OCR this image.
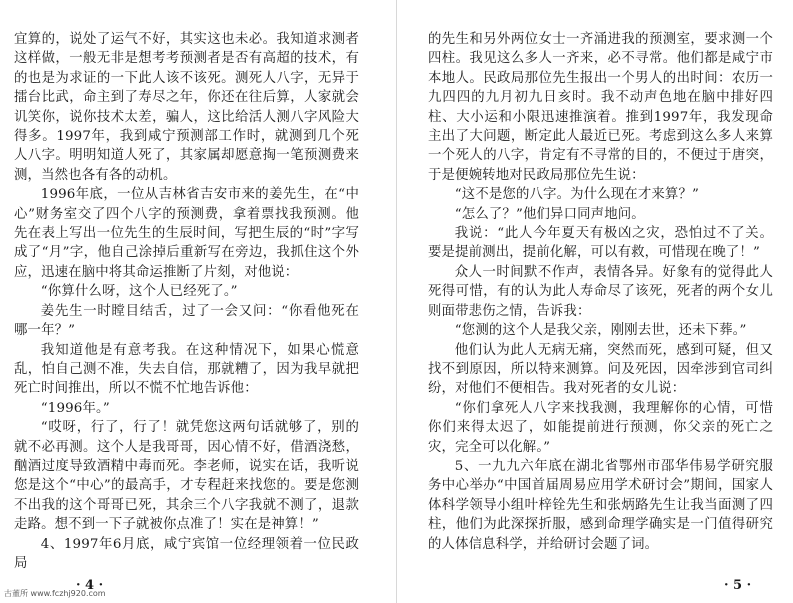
宜算的，说处了运气不好，其实这也未必。我知道求测者这样做，一般无非是想考考预测者是否有高超的技术，有的也是为求证的一下此人该不该死。测死人八字，无异于擂台比武，命主到了寿尽之年，你还在往后算，人家就会讥笑你，说你技术太差，骗人，这比给活人测八字风险大得多。1997年，我到咸宁预测部工作时，就测到几个死人八字。明明知道人死了，其家属却愿意掏一笔预测费来测，当然也各有各的动机。

1996年底，一位从吉林省吉安市来的姜先生，在“中心”财务室交了四个八字的预测费，拿着票找我预测。他先在表上写出一位先生的生辰时间，写把生辰的“时”字写成了“月”字，他自己涂掉后重新写在旁边，我抓住这个外应，迅速在脑中将其命运推断了片刻，对他说：

“你算什么呀，这个人已经死了。”

姜先生一时瞠目结舌，过了一会又问：“你看他死在哪一年？”

我知道他是有意考我。在这种情况下，如果心慌意乱，怕自己测不准，失去自信，那就糟了，因为我早就把死亡时间推出，所以不慌不忙地告诉他：

“1996年。”

“哎呀，行了，行了！就凭您这两句话就够了，别的就不必再测。这个人是我哥哥，因心情不好，借酒浇愁，酗酒过度导致酒精中毒而死。李老师，说实在话，我听说您是这个“中心”的最高手，才专程赶来找您的。要是您测不出我的这个哥哥已死，其余三个八字我就不测了，退款走路。想不到一下子就被你点准了！实在是神算！”

4、1997年6月底，咸宁宾馆一位经理领着一位民政局

的先生和另外两位女士一齐涌进我的预测室，要求测一个四柱。我见这么多人一齐来，必不寻常。他们都是咸宁市本地人。民政局那位先生报出一个男人的出时间：农历一九四四的九月初九日亥时。我不动声色地在脑中排好四柱、大小运和小限迅速推演着。推到1997年，我发现命主出了大问题，断定此人最近已死。考虑到这么多人来算一个死人的八字，肯定有不寻常的目的，不便过于唐突，于是便婉转地对民政局那位先生说：

“这不是您的八字。为什么现在才来算？”

“怎么了？”他们异口同声地问。

我说：“此人今年夏天有极凶之灾，恐怕过不了关。要是提前测出，提前化解，可以有救，可惜现在晚了！”

众人一时间默不作声，表情各异。好象有的觉得此人死得可惜，有的认为此人寿命尽了该死，死者的两个女儿则面带悲伤之情，告诉我：

“您测的这个人是我父亲，刚刚去世，还未下葬。”

他们认为此人无病无痛，突然而死，感到可疑，但又找不到原因，所以特来测算。问及死因，因牵涉到官司纠纷，对他们不便相告。我对死者的女儿说：

“你们拿死人八字来找我测，我理解你的心情，可惜你们来得太迟了，如能提前进行预测，你父亲的死亡之灾，完全可以化解。”

5、一九九六年底在湖北省鄂州市邵华伟易学研究服务中心举办“中国首届周易应用学术研讨会”期间，国家人体科学领导小组叶梓铨先生和张炳路先生让我当面测了四柱，他们为此深探折服，感到命理学确实是一门值得研究的人体信息科学，并给研讨会题了词。

· 4 ·	· 5 ·
古董所 www.fczhj920.com
